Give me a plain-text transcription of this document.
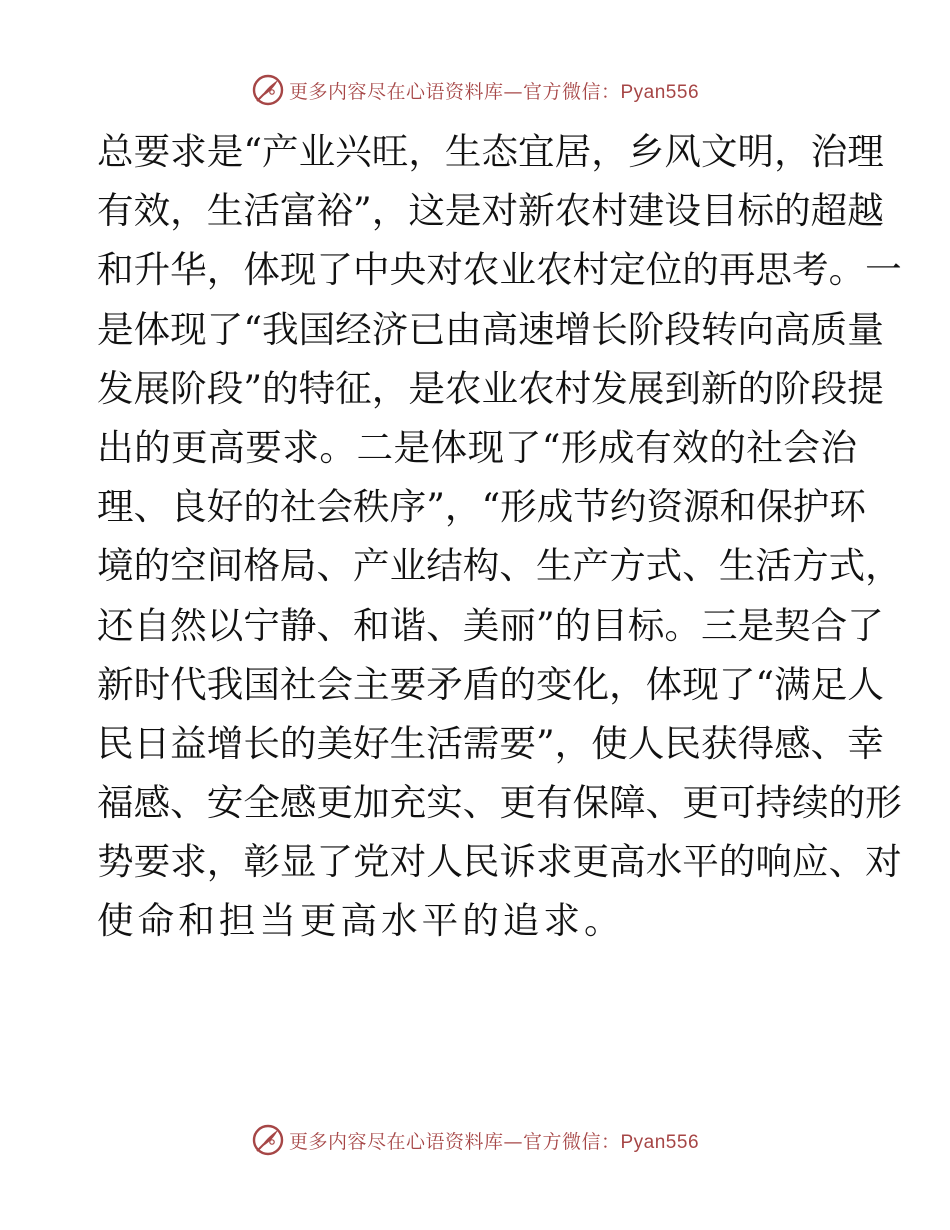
更多内容尽在心语资料库—官方微信：Pyan556
总要求是“产业兴旺，生态宜居，乡风文明，治理
有效，生活富裕”，这是对新农村建设目标的超越
和升华，体现了中央对农业农村定位的再思考。一
是体现了“我国经济已由高速增长阶段转向高质量
发展阶段”的特征，是农业农村发展到新的阶段提
出的更高要求。二是体现了“形成有效的社会治
理、良好的社会秩序”，“形成节约资源和保护环
境的空间格局、产业结构、生产方式、生活方式，
还自然以宁静、和谐、美丽”的目标。三是契合了
新时代我国社会主要矛盾的变化，体现了“满足人
民日益增长的美好生活需要”，使人民获得感、幸
福感、安全感更加充实、更有保障、更可持续的形
势要求，彰显了党对人民诉求更高水平的响应、对
使命和担当更高水平的追求。
更多内容尽在心语资料库—官方微信：Pyan556
